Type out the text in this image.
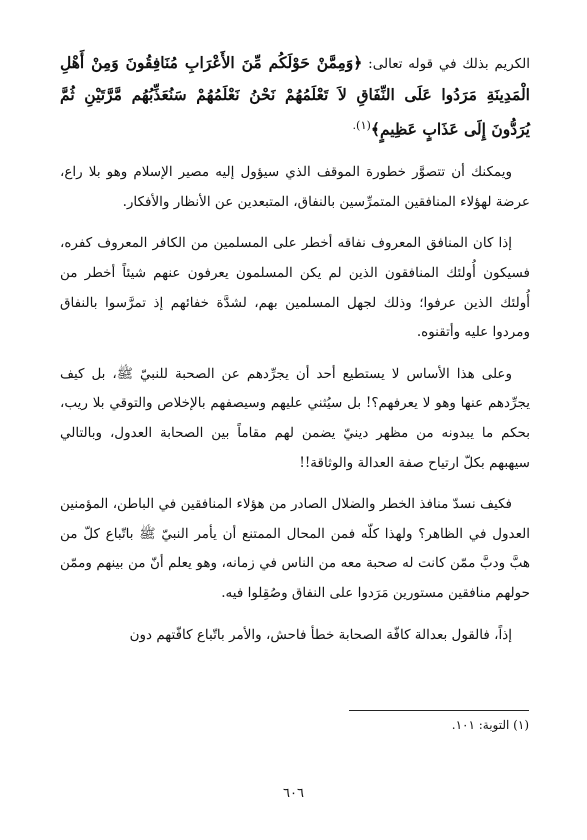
الكريم بذلك في قوله تعالى: ﴿وَمِمَّنْ حَوْلَكُم مِّنَ الأَعْرَابِ مُنَافِقُونَ وَمِنْ أَهْلِ الْمَدِينَةِ مَرَدُوا عَلَى النِّفَاقِ لاَ تَعْلَمُهُمْ نَحْنُ نَعْلَمُهُمْ سَنُعَذِّبُهُم مَّرَّتَيْنِ ثُمَّ يُرَدُّونَ إِلَى عَذَابٍ عَظِيمٍ﴾$^{(١).}$

ويمكنك أن تتصوَّر خطورة الموقف الذي سيؤول إليه مصير الإسلام وهو بلا راع، عرضة لهؤلاء المنافقين المتمرِّسين بالنفاق، المتبعدين عن الأنظار والأفكار.

إذا كان المنافق المعروف نفاقه أخطر على المسلمين من الكافر المعروف كفره، فسيكون أُولئك المنافقون الذين لم يكن المسلمون يعرفون عنهم شيئاً أخطر من أُولئك الذين عرفوا؛ وذلك لجهل المسلمين بهم، لشدَّة خفائهم إذ تمرَّسوا بالنفاق ومردوا عليه وأتقنوه.

وعلى هذا الأساس لا يستطيع أحد أن يجرِّدهم عن الصحبة للنبيّ ﷺ، بل كيف يجرِّدهم عنها وهو لا يعرفهم؟! بل سيُثني عليهم وسيصفهم بالإخلاص والتوقي بلا ريب، بحكم ما يبدونه من مظهر دينيّ يضمن لهم مقاماً بين الصحابة العدول، وبالتالي سيهبهم بكلّ ارتياح صفة العدالة والوثاقة!!

فكيف نسدّ منافذ الخطر والضلال الصادر من هؤلاء المنافقين في الباطن، المؤمنين العدول في الظاهر؟ ولهذا كلّه فمن المحال الممتنع أن يأمر النبيّ ﷺ باتّباع كلّ من هبَّ ودبَّ ممّن كانت له صحبة معه من الناس في زمانه، وهو يعلم أنّ من بينهم وممّن حولهم منافقين مستورين مَرَدوا على النفاق وصُقِلوا فيه.

إذاً، فالقول بعدالة كافّة الصحابة خطأ فاحش، والأمر باتّباع كافّتهم دون

(١) التوبة: ١٠١.
٦٠٦
